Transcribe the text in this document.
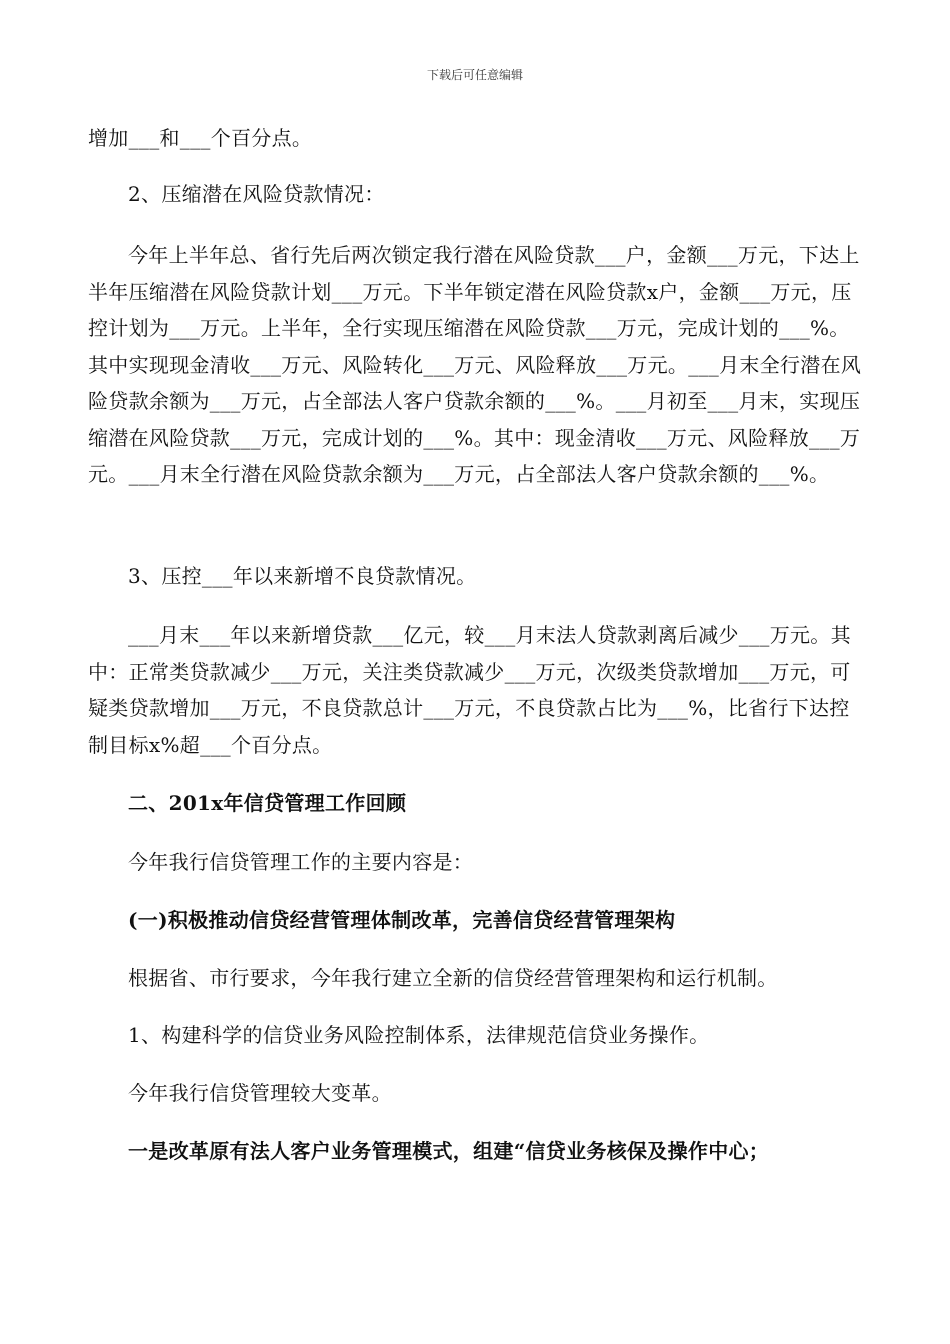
下载后可任意编辑

增加___和___个百分点。

2、压缩潜在风险贷款情况：

今年上半年总、省行先后两次锁定我行潜在风险贷款___户，金额___万元，下达上半年压缩潜在风险贷款计划___万元。下半年锁定潜在风险贷款x户，金额___万元，压控计划为___万元。上半年，全行实现压缩潜在风险贷款___万元，完成计划的___%。其中实现现金清收___万元、风险转化___万元、风险释放___万元。___月末全行潜在风险贷款余额为___万元，占全部法人客户贷款余额的___%。___月初至___月末，实现压缩潜在风险贷款___万元，完成计划的___%。其中：现金清收___万元、风险释放___万元。___月末全行潜在风险贷款余额为___万元，占全部法人客户贷款余额的___%。

3、压控___年以来新增不良贷款情况。

___月末___年以来新增贷款___亿元，较___月末法人贷款剥离后减少___万元。其中：正常类贷款减少___万元，关注类贷款减少___万元，次级类贷款增加___万元，可疑类贷款增加___万元，不良贷款总计___万元，不良贷款占比为___%，比省行下达控制目标x%超___个百分点。

二、201x年信贷管理工作回顾

今年我行信贷管理工作的主要内容是：

(一)积极推动信贷经营管理体制改革，完善信贷经营管理架构

根据省、市行要求，今年我行建立全新的信贷经营管理架构和运行机制。

1、构建科学的信贷业务风险控制体系，法律规范信贷业务操作。

今年我行信贷管理较大变革。

一是改革原有法人客户业务管理模式，组建“信贷业务核保及操作中心；
